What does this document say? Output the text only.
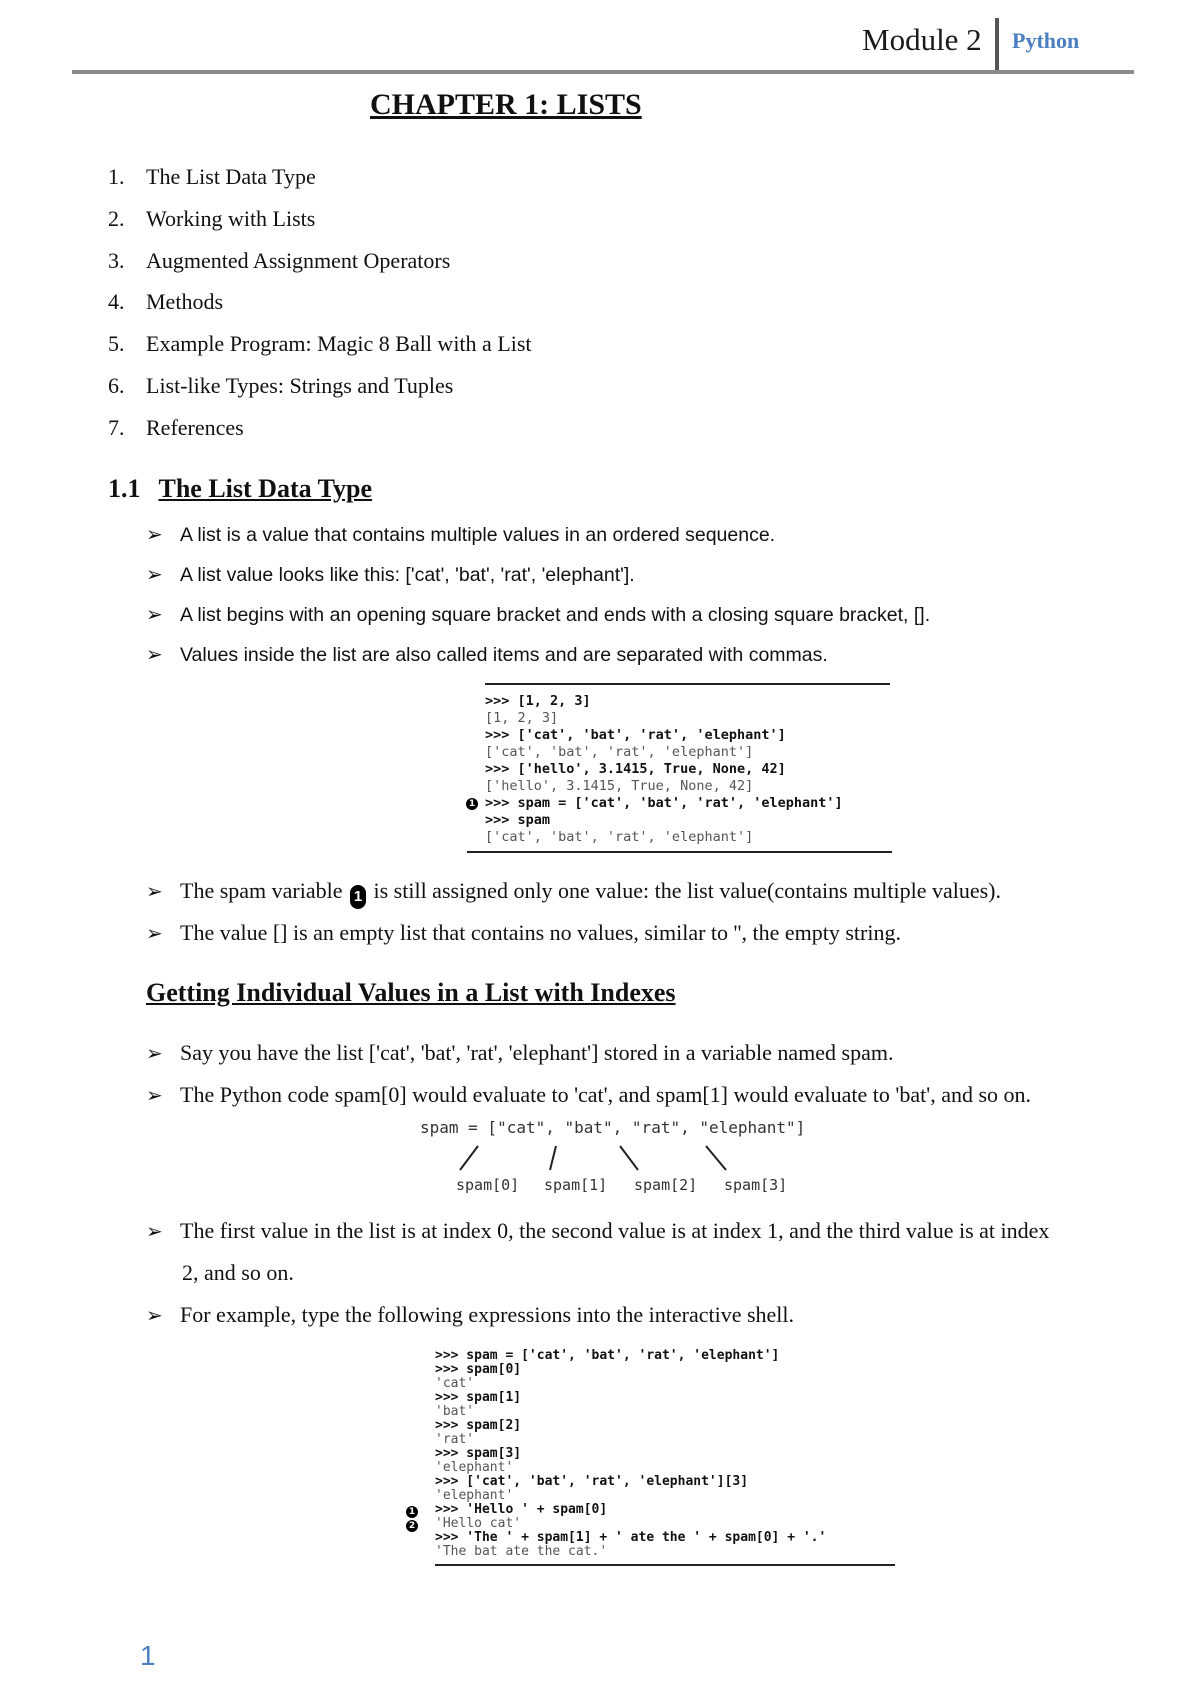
Module 2 Python
CHAPTER 1: LISTS
1. The List Data Type
2. Working with Lists
3. Augmented Assignment Operators
4. Methods
5. Example Program: Magic 8 Ball with a List
6. List-like Types: Strings and Tuples
7. References
1.1 The List Data Type
➢ A list is a value that contains multiple values in an ordered sequence.
➢ A list value looks like this: ['cat', 'bat', 'rat', 'elephant'].
➢ A list begins with an opening square bracket and ends with a closing square bracket, [].
➢ Values inside the list are also called items and are separated with commas.
>>> [1, 2, 3]
[1, 2, 3]
>>> ['cat', 'bat', 'rat', 'elephant']
['cat', 'bat', 'rat', 'elephant']
>>> ['hello', 3.1415, True, None, 42]
['hello', 3.1415, True, None, 42]
>>> spam = ['cat', 'bat', 'rat', 'elephant']
>>> spam
['cat', 'bat', 'rat', 'elephant']
1
➢ The spam variable 1 is still assigned only one value: the list value(contains multiple values).
➢ The value [] is an empty list that contains no values, similar to '', the empty string.
Getting Individual Values in a List with Indexes
➢ Say you have the list ['cat', 'bat', 'rat', 'elephant'] stored in a variable named spam.
➢ The Python code spam[0] would evaluate to 'cat', and spam[1] would evaluate to 'bat', and so on.
spam = ["cat", "bat", "rat", "elephant"]
spam[0] spam[1] spam[2] spam[3]
➢ The first value in the list is at index 0, the second value is at index 1, and the third value is at index
2, and so on.
➢ For example, type the following expressions into the interactive shell.
>>> spam = ['cat', 'bat', 'rat', 'elephant']
>>> spam[0]
'cat'
>>> spam[1]
'bat'
>>> spam[2]
'rat'
>>> spam[3]
'elephant'
>>> ['cat', 'bat', 'rat', 'elephant'][3]
'elephant'
>>> 'Hello ' + spam[0]
'Hello cat'
>>> 'The ' + spam[1] + ' ate the ' + spam[0] + '.'
'The bat ate the cat.'
1
2
1
